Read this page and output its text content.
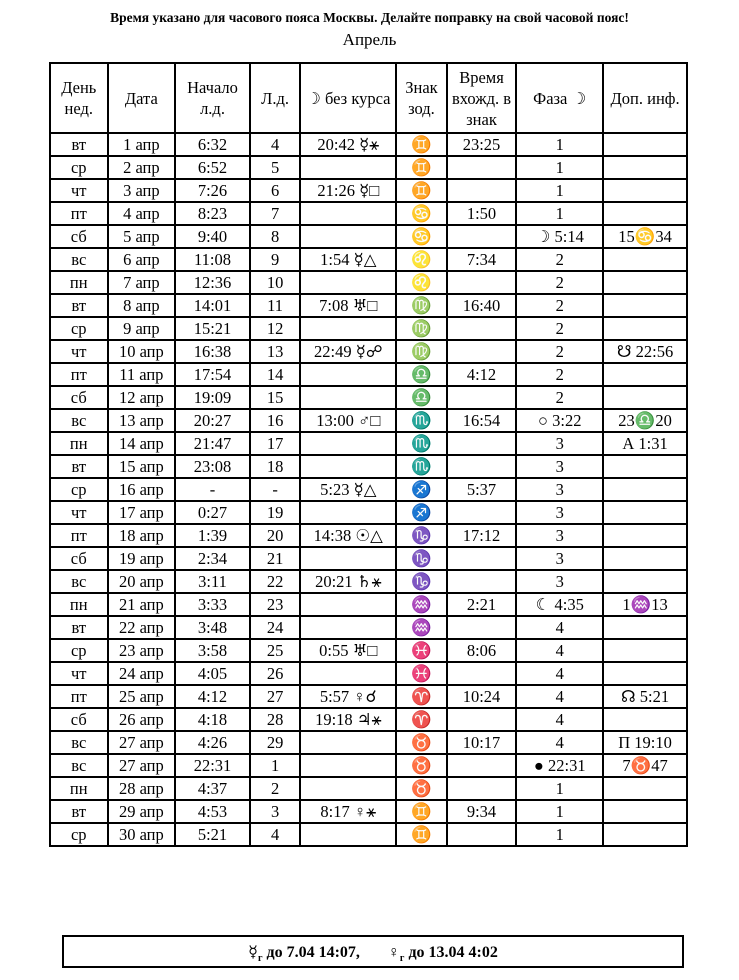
Время указано для часового пояса Москвы. Делайте поправку на свой часовой пояс!
Апрель
День нед.	Дата	Начало л.д.	Л.д.	☽ без курса	Знак зод.	Время вхожд. в знак	Фаза ☽	Доп. инф.
вт	1 апр	6:32	4	20:42 ☿⚹	♊	23:25	1	
ср	2 апр	6:52	5		♊		1	
чт	3 апр	7:26	6	21:26 ☿□	♊		1	
пт	4 апр	8:23	7		♋	1:50	1	
сб	5 апр	9:40	8		♋		☽ 5:14	15♋34
вс	6 апр	11:08	9	1:54 ☿△	♌	7:34	2	
пн	7 апр	12:36	10		♌		2	
вт	8 апр	14:01	11	7:08 ♅□	♍	16:40	2	
ср	9 апр	15:21	12		♍		2	
чт	10 апр	16:38	13	22:49 ☿☍	♍		2	☋ 22:56
пт	11 апр	17:54	14		♎	4:12	2	
сб	12 апр	19:09	15		♎		2	
вс	13 апр	20:27	16	13:00 ♂□	♏	16:54	○ 3:22	23♎20
пн	14 апр	21:47	17		♏		3	А 1:31
вт	15 апр	23:08	18		♏		3	
ср	16 апр	-	-	5:23 ☿△	♐	5:37	3	
чт	17 апр	0:27	19		♐		3	
пт	18 апр	1:39	20	14:38 ☉△	♑	17:12	3	
сб	19 апр	2:34	21		♑		3	
вс	20 апр	3:11	22	20:21 ♄⚹	♑		3	
пн	21 апр	3:33	23		♒	2:21	☾ 4:35	1♒13
вт	22 апр	3:48	24		♒		4	
ср	23 апр	3:58	25	0:55 ♅□	♓	8:06	4	
чт	24 апр	4:05	26		♓		4	
пт	25 апр	4:12	27	5:57 ♀☌	♈	10:24	4	☊ 5:21
сб	26 апр	4:18	28	19:18 ♃⚹	♈		4	
вс	27 апр	4:26	29		♉	10:17	4	П 19:10
вс	27 апр	22:31	1		♉		● 22:31	7♉47
пн	28 апр	4:37	2		♉		1	
вт	29 апр	4:53	3	8:17 ♀⚹	♊	9:34	1	
ср	30 апр	5:21	4		♊		1	
$☿_г$ до 7.04 14:07, $♀_г$ до 13.04 4:02
